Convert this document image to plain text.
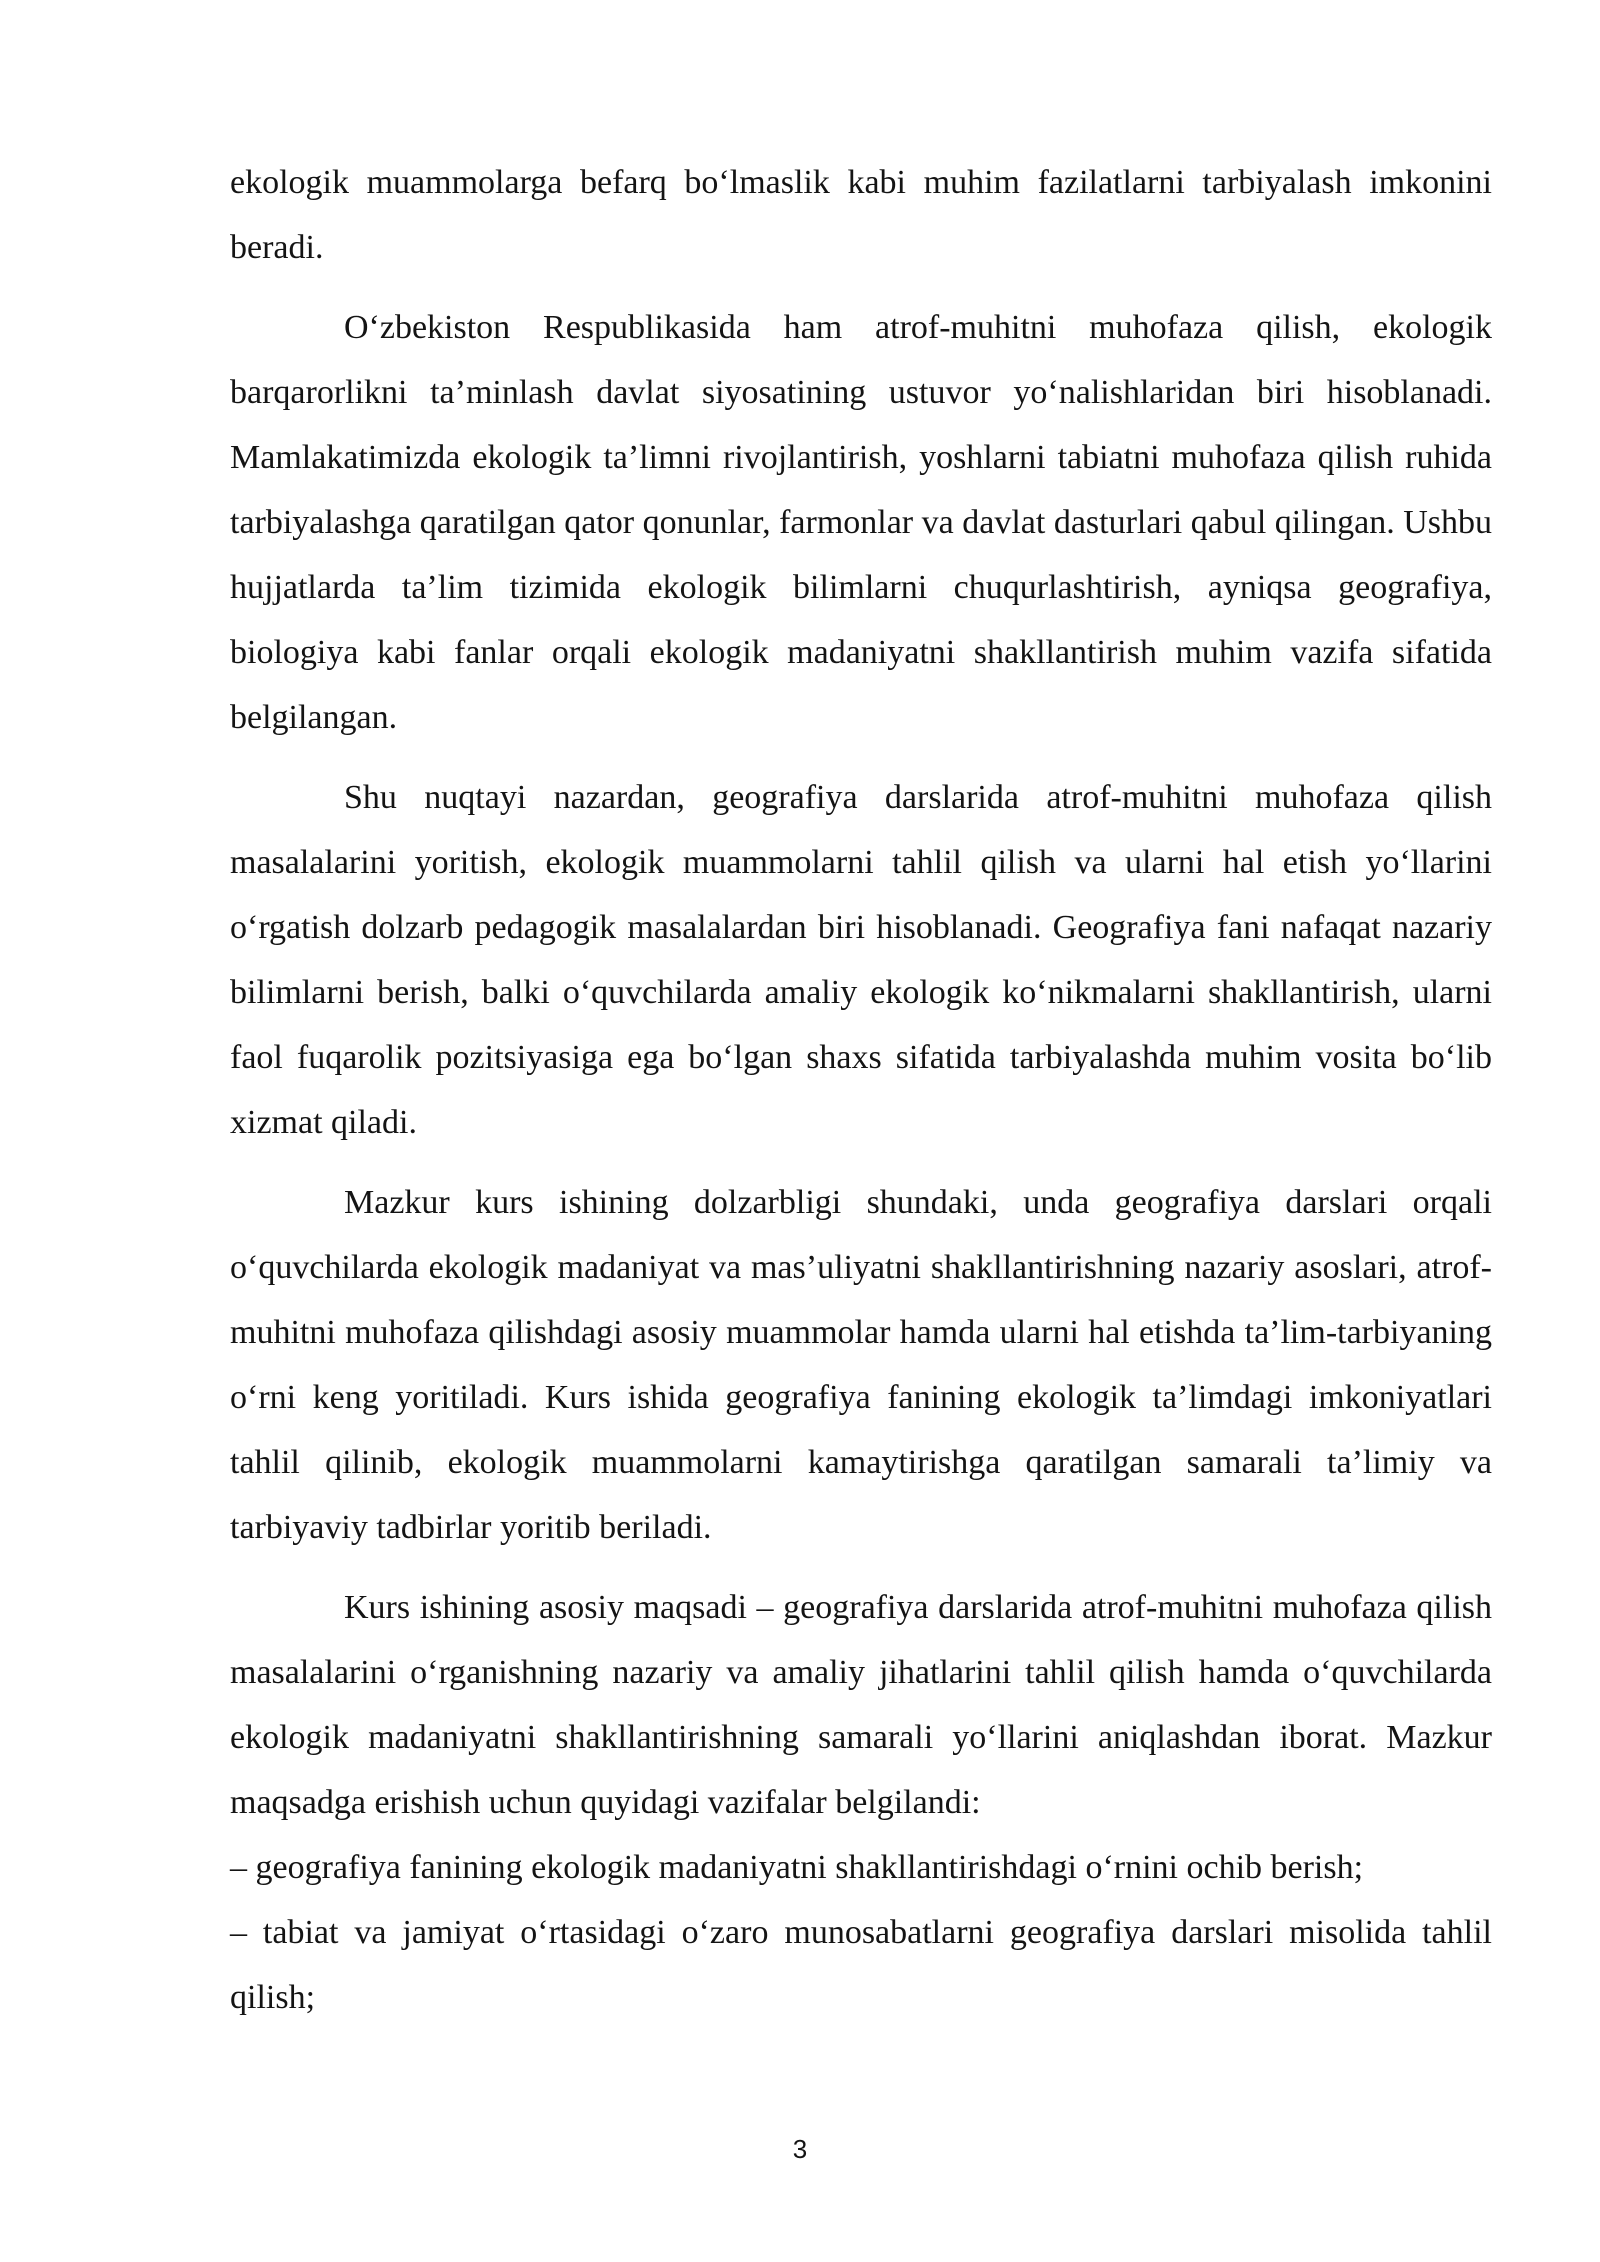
ekologik muammolarga befarq boʻlmaslik kabi muhim fazilatlarni tarbiyalash imkonini beradi.

Oʻzbekiston Respublikasida ham atrof-muhitni muhofaza qilish, ekologik barqarorlikni ta’minlash davlat siyosatining ustuvor yoʻnalishlaridan biri hisoblanadi. Mamlakatimizda ekologik ta’limni rivojlantirish, yoshlarni tabiatni muhofaza qilish ruhida tarbiyalashga qaratilgan qator qonunlar, farmonlar va davlat dasturlari qabul qilingan. Ushbu hujjatlarda ta’lim tizimida ekologik bilimlarni chuqurlashtirish, ayniqsa geografiya, biologiya kabi fanlar orqali ekologik madaniyatni shakllantirish muhim vazifa sifatida belgilangan.

Shu nuqtayi nazardan, geografiya darslarida atrof-muhitni muhofaza qilish masalalarini yoritish, ekologik muammolarni tahlil qilish va ularni hal etish yoʻllarini oʻrgatish dolzarb pedagogik masalalardan biri hisoblanadi. Geografiya fani nafaqat nazariy bilimlarni berish, balki oʻquvchilarda amaliy ekologik koʻnikmalarni shakllantirish, ularni faol fuqarolik pozitsiyasiga ega boʻlgan shaxs sifatida tarbiyalashda muhim vosita boʻlib xizmat qiladi.

Mazkur kurs ishining dolzarbligi shundaki, unda geografiya darslari orqali oʻquvchilarda ekologik madaniyat va mas’uliyatni shakllantirishning nazariy asoslari, atrof-muhitni muhofaza qilishdagi asosiy muammolar hamda ularni hal etishda ta’lim-tarbiyaning oʻrni keng yoritiladi. Kurs ishida geografiya fanining ekologik ta’limdagi imkoniyatlari tahlil qilinib, ekologik muammolarni kamaytirishga qaratilgan samarali ta’limiy va tarbiyaviy tadbirlar yoritib beriladi.

Kurs ishining asosiy maqsadi – geografiya darslarida atrof-muhitni muhofaza qilish masalalarini oʻrganishning nazariy va amaliy jihatlarini tahlil qilish hamda oʻquvchilarda ekologik madaniyatni shakllantirishning samarali yoʻllarini aniqlashdan iborat. Mazkur maqsadga erishish uchun quyidagi vazifalar belgilandi:
– geografiya fanining ekologik madaniyatni shakllantirishdagi oʻrnini ochib berish;
– tabiat va jamiyat oʻrtasidagi oʻzaro munosabatlarni geografiya darslari misolida tahlil qilish;
3
